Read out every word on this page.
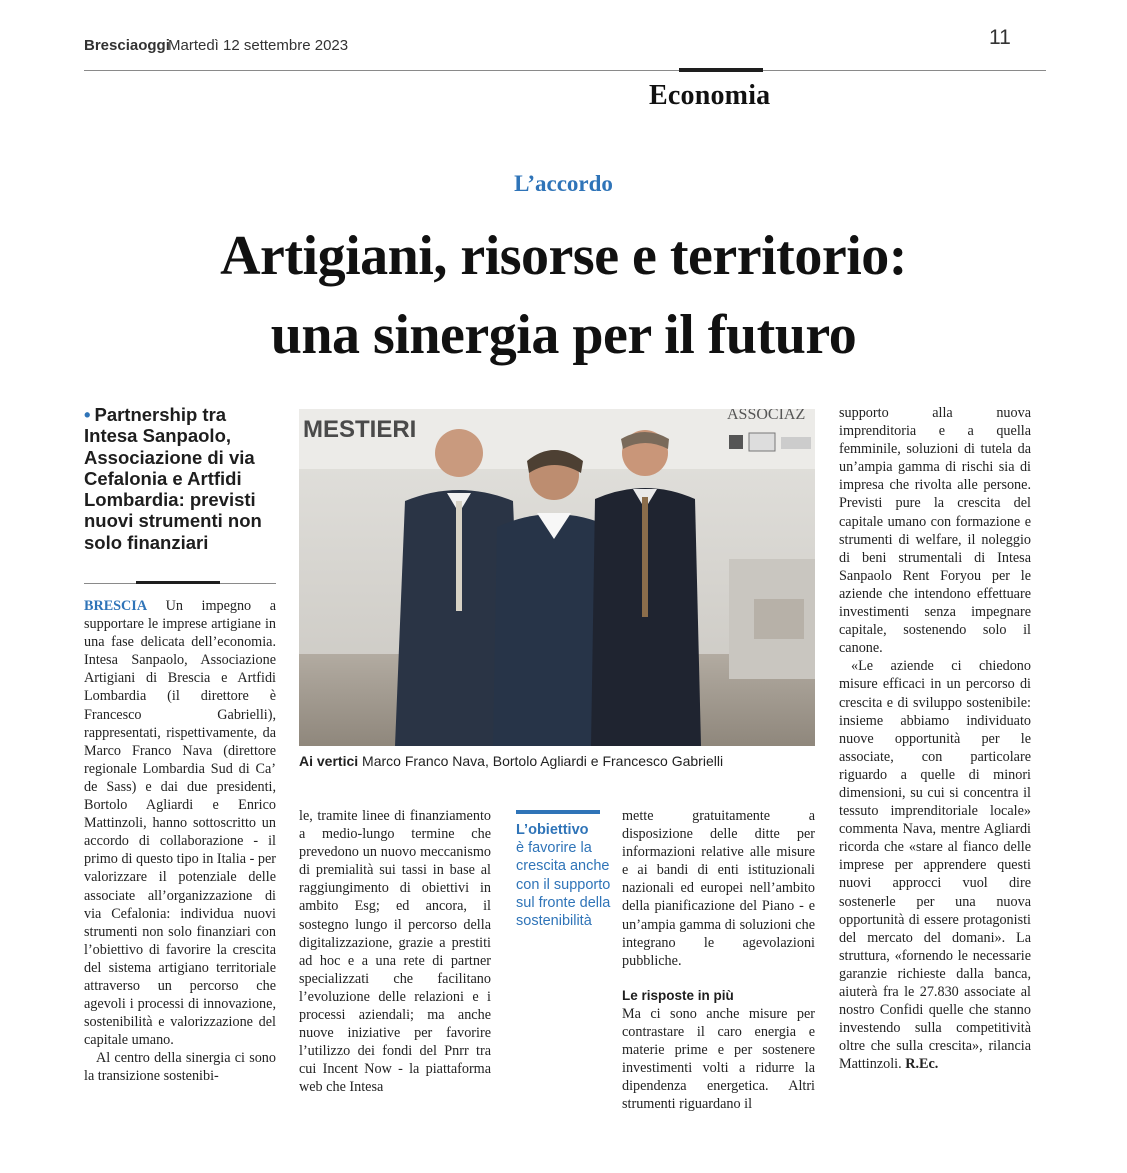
Bresciaoggi
Martedì 12 settembre 2023	11
Economia
L’accordo
Artigiani, risorse e territorio:
una sinergia per il futuro
• Partnership tra Intesa Sanpaolo, Associazione di via Cefalonia e Artfidi Lombardia: previsti nuovi strumenti non solo finanziari

BRESCIA Un impegno a supportare le imprese artigiane in una fase delicata dell’economia. Intesa Sanpaolo, Associazione Artigiani di Brescia e Artfidi Lombardia (il direttore è Francesco Gabrielli), rappresentati, rispettivamente, da Marco Franco Nava (direttore regionale Lombardia Sud di Ca’ de Sass) e dai due presidenti, Bortolo Agliardi e Enrico Mattinzoli, hanno sottoscritto un accordo di collaborazione - il primo di questo tipo in Italia - per valorizzare il potenziale delle associate all’organizzazione di via Cefalonia: individua nuovi strumenti non solo finanziari con l’obiettivo di favorire la crescita del sistema artigiano territoriale attraverso un percorso che agevoli i processi di innovazione, sostenibilità e valorizzazione del capitale umano.

Al centro della sinergia ci sono la transizione sostenibi-

MESTIERI
ASSOCIAZ
Ai vertici Marco Franco Nava, Bortolo Agliardi e Francesco Gabrielli

le, tramite linee di finanziamento a medio-lungo termine che prevedono un nuovo meccanismo di premialità sui tassi in base al raggiungimento di obiettivi in ambito Esg; ed ancora, il sostegno lungo il percorso della digitalizzazione, grazie a prestiti ad hoc e a una rete di partner specializzati che facilitano l’evoluzione delle relazioni e i processi aziendali; ma anche nuove iniziative per favorire l’utilizzo dei fondi del Pnrr tra cui Incent Now - la piattaforma web che Intesa

L’obiettivo
è favorire la crescita anche con il supporto sul fronte della sostenibilità

mette gratuitamente a disposizione delle ditte per informazioni relative alle misure e ai bandi di enti istituzionali nazionali ed europei nell’ambito della pianificazione del Piano - e un’ampia gamma di soluzioni che integrano le agevolazioni pubbliche.

Le risposte in più

Ma ci sono anche misure per contrastare il caro energia e materie prime e per sostenere investimenti volti a ridurre la dipendenza energetica. Altri strumenti riguardano il

supporto alla nuova imprenditoria e a quella femminile, soluzioni di tutela da un’ampia gamma di rischi sia di impresa che rivolta alle persone. Previsti pure la crescita del capitale umano con formazione e strumenti di welfare, il noleggio di beni strumentali di Intesa Sanpaolo Rent Foryou per le aziende che intendono effettuare investimenti senza impegnare capitale, sostenendo solo il canone.

«Le aziende ci chiedono misure efficaci in un percorso di crescita e di sviluppo sostenibile: insieme abbiamo individuato nuove opportunità per le associate, con particolare riguardo a quelle di minori dimensioni, su cui si concentra il tessuto imprenditoriale locale» commenta Nava, mentre Agliardi ricorda che «stare al fianco delle imprese per apprendere questi nuovi approcci vuol dire sostenerle per una nuova opportunità di essere protagonisti del mercato del domani». La struttura, «fornendo le necessarie garanzie richieste dalla banca, aiuterà fra le 27.830 associate al nostro Confidi quelle che stanno investendo sulla competitività oltre che sulla crescita», rilancia Mattinzoli. R.Ec.
